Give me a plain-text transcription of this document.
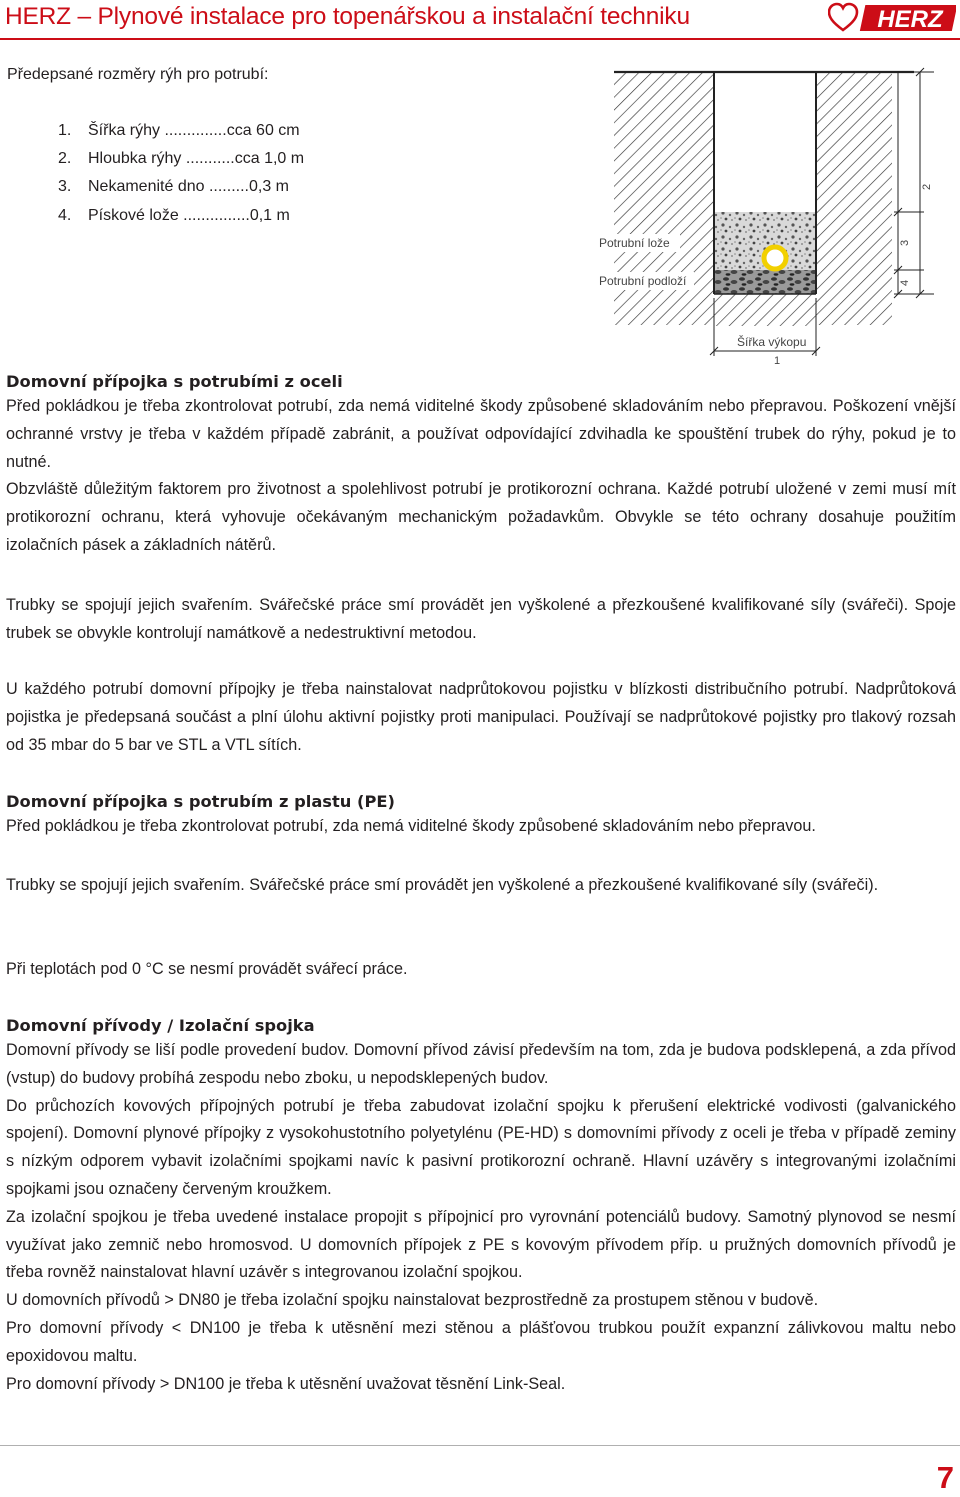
HERZ – Plynové instalace pro topenářskou a instalační techniku	HERZ
Předepsané rozměry rýh pro potrubí:
1.	Šířka rýhy ..............cca 60 cm
2.	Hloubka rýhy ...........cca 1,0 m
3.	Nekamenité dno .........0,3 m
4.	Pískové lože ...............0,1 m
Potrubní lože
Potrubní podloží
Šířka výkopu
1
2
3
4
Domovní přípojka s potrubími z oceli

Před pokládkou je třeba zkontrolovat potrubí, zda nemá viditelné škody způsobené skladováním nebo přepravou. Poškození vnější ochranné vrstvy je třeba v každém případě zabránit, a používat odpovídající zdvihadla ke spouštění trubek do rýhy, pokud je to nutné.

Obzvláště důležitým faktorem pro životnost a spolehlivost potrubí je protikorozní ochrana. Každé potrubí uložené v zemi musí mít protikorozní ochranu, která vyhovuje očekávaným mechanickým požadavkům. Obvykle se této ochrany dosahuje použitím izolačních pásek a základních nátěrů.

Trubky se spojují jejich svařením. Svářečské práce smí provádět jen vyškolené a přezkoušené kvalifikované síly (svářeči). Spoje trubek se obvykle kontrolují namátkově a nedestruktivní metodou.

U každého potrubí domovní přípojky je třeba nainstalovat nadprůtokovou pojistku v blízkosti distribučního potrubí. Nadprůtoková pojistka je předepsaná součást a plní úlohu aktivní pojistky proti manipulaci. Používají se nadprůtokové pojistky pro tlakový rozsah od 35 mbar do 5 bar ve STL a VTL sítích.

Domovní přípojka s potrubím z plastu (PE)

Před pokládkou je třeba zkontrolovat potrubí, zda nemá viditelné škody způsobené skladováním nebo přepravou.

Trubky se spojují jejich svařením. Svářečské práce smí provádět jen vyškolené a přezkoušené kvalifikované síly (svářeči).

Při teplotách pod 0 °C se nesmí provádět svářecí práce.

Domovní přívody / Izolační spojka

Domovní přívody se liší podle provedení budov. Domovní přívod závisí především na tom, zda je budova podsklepená, a zda přívod (vstup) do budovy probíhá zespodu nebo zboku, u nepodsklepených budov.

Do průchozích kovových přípojných potrubí je třeba zabudovat izolační spojku k přerušení elektrické vodivosti (galvanického spojení). Domovní plynové přípojky z vysokohustotního polyetylénu (PE-HD) s domovními přívody z oceli je třeba v případě zeminy s nízkým odporem vybavit izolačními spojkami navíc k pasivní protikorozní ochraně. Hlavní uzávěry s integrovanými izolačními spojkami jsou označeny červeným kroužkem.

Za izolační spojkou je třeba uvedené instalace propojit s přípojnicí pro vyrovnání potenciálů budovy. Samotný plynovod se nesmí využívat jako zemnič nebo hromosvod. U domovních přípojek z PE s kovovým přívodem příp. u pružných domovních přívodů je třeba rovněž nainstalovat hlavní uzávěr s integrovanou izolační spojkou.

U domovních přívodů > DN80 je třeba izolační spojku nainstalovat bezprostředně za prostupem stěnou v budově.

Pro domovní přívody < DN100 je třeba k utěsnění mezi stěnou a plášťovou trubkou použít expanzní zálivkovou maltu nebo epoxidovou maltu.

Pro domovní přívody > DN100 je třeba k utěsnění uvažovat těsnění Link-Seal.

7
